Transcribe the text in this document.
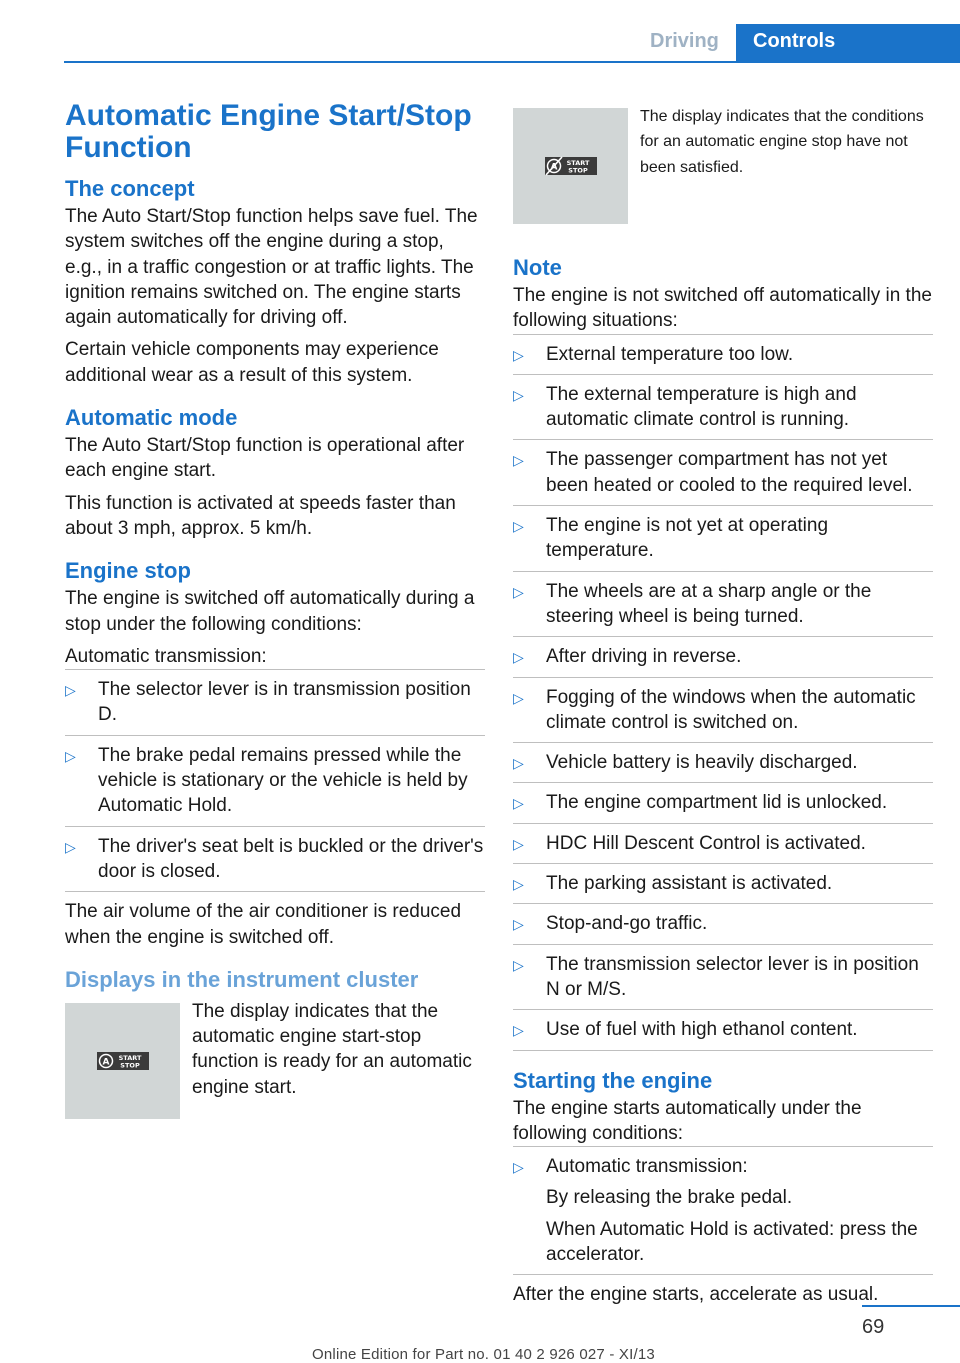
Driving	Controls
Automatic Engine Start/Stop Function
The concept

The Auto Start/Stop function helps save fuel. The system switches off the engine during a stop, e.g., in a traffic congestion or at traffic lights. The ignition remains switched on. The engine starts again automatically for driving off.

Certain vehicle components may experience additional wear as a result of this system.

Automatic mode

The Auto Start/Stop function is operational after each engine start.

This function is activated at speeds faster than about 3 mph, approx. 5 km/h.

Engine stop

The engine is switched off automatically during a stop under the following conditions:

Automatic transmission:

▷ The selector lever is in transmission position D.
▷ The brake pedal remains pressed while the vehicle is stationary or the vehicle is held by Automatic Hold.
▷ The driver's seat belt is buckled or the driver's door is closed.

The air volume of the air conditioner is reduced when the engine is switched off.

Displays in the instrument cluster
A START
STOP
The display indicates that the automatic engine start-stop function is ready for an automatic engine start.
A START
STOP
The display indicates that the conditions for an automatic engine stop have not been satisfied.
Note

The engine is not switched off automatically in the following situations:

▷ External temperature too low.
▷ The external temperature is high and automatic climate control is running.
▷ The passenger compartment has not yet been heated or cooled to the required level.
▷ The engine is not yet at operating temperature.
▷ The wheels are at a sharp angle or the steering wheel is being turned.
▷ After driving in reverse.
▷ Fogging of the windows when the automatic climate control is switched on.
▷ Vehicle battery is heavily discharged.
▷ The engine compartment lid is unlocked.
▷ HDC Hill Descent Control is activated.
▷ The parking assistant is activated.
▷ Stop-and-go traffic.
▷ The transmission selector lever is in position N or M/S.
▷ Use of fuel with high ethanol content.
Starting the engine

The engine starts automatically under the following conditions:

▷ Automatic transmission:
By releasing the brake pedal.
When Automatic Hold is activated: press the accelerator.

After the engine starts, accelerate as usual.

69
Online Edition for Part no. 01 40 2 926 027 - XI/13
